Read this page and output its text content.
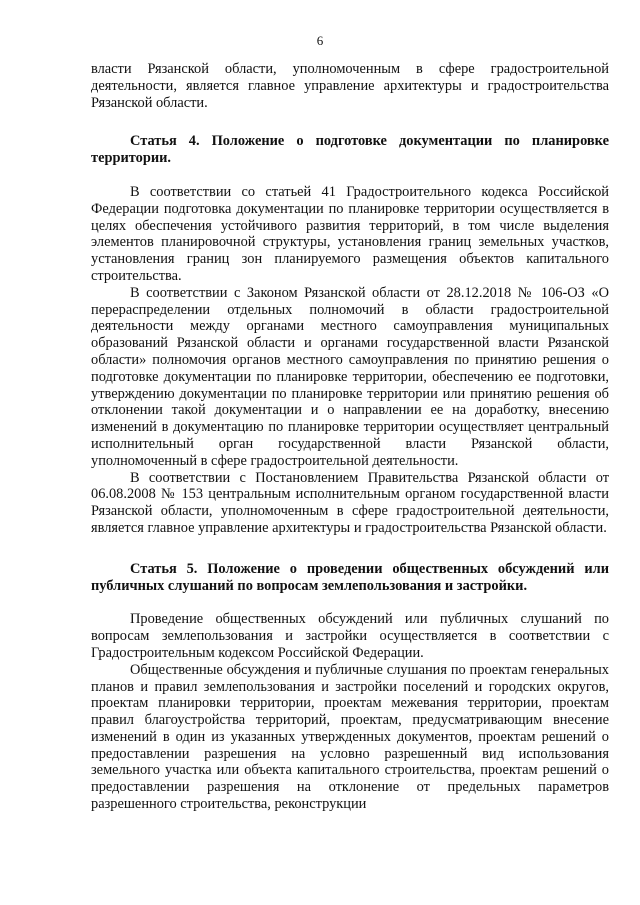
6

власти Рязанской области, уполномоченным в сфере градостроительной деятельности, является главное управление архитектуры и градостроительства Рязанской области.

Статья 4. Положение о подготовке документации по планировке территории.

В соответствии со статьей 41 Градостроительного кодекса Российской Федерации подготовка документации по планировке территории осуществляется в целях обеспечения устойчивого развития территорий, в том числе выделения элементов планировочной структуры, установления границ земельных участков, установления границ зон планируемого размещения объектов капитального строительства.

В соответствии с Законом Рязанской области от 28.12.2018 № 106-ОЗ «О перераспределении отдельных полномочий в области градостроительной деятельности между органами местного самоуправления муниципальных образований Рязанской области и органами государственной власти Рязанской области» полномочия органов местного самоуправления по принятию решения о подготовке документации по планировке территории, обеспечению ее подготовки, утверждению документации по планировке территории или принятию решения об отклонении такой документации и о направлении ее на доработку, внесению изменений в документацию по планировке территории осуществляет центральный исполнительный орган государственной власти Рязанской области, уполномоченный в сфере градостроительной деятельности.

В соответствии с Постановлением Правительства Рязанской области от 06.08.2008 № 153 центральным исполнительным органом государственной власти Рязанской области, уполномоченным в сфере градостроительной деятельности, является главное управление архитектуры и градостроительства Рязанской области.

Статья 5. Положение о проведении общественных обсуждений или публичных слушаний по вопросам землепользования и застройки.

Проведение общественных обсуждений или публичных слушаний по вопросам землепользования и застройки осуществляется в соответствии с Градостроительным кодексом Российской Федерации.

Общественные обсуждения и публичные слушания по проектам генеральных планов и правил землепользования и застройки поселений и городских округов, проектам планировки территории, проектам межевания территории, проектам правил благоустройства территорий, проектам, предусматривающим внесение изменений в один из указанных утвержденных документов, проектам решений о предоставлении разрешения на условно разрешенный вид использования земельного участка или объекта капитального строительства, проектам решений о предоставлении разрешения на отклонение от предельных параметров разрешенного строительства, реконструкции
